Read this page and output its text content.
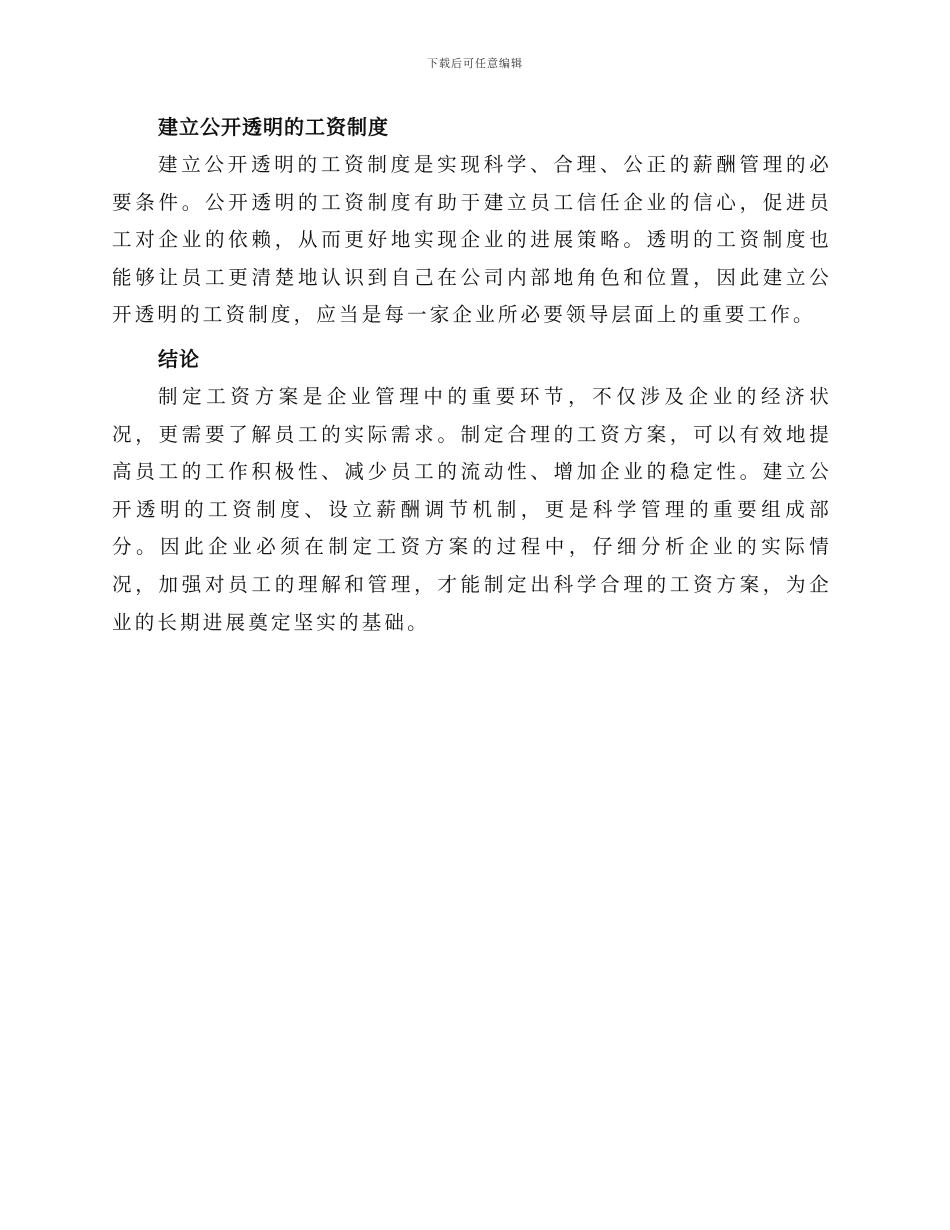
下载后可任意编辑
建立公开透明的工资制度

建立公开透明的工资制度是实现科学、合理、公正的薪酬管理的必要条件。公开透明的工资制度有助于建立员工信任企业的信心，促进员工对企业的依赖，从而更好地实现企业的进展策略。透明的工资制度也能够让员工更清楚地认识到自己在公司内部地角色和位置，因此建立公开透明的工资制度，应当是每一家企业所必要领导层面上的重要工作。

结论

制定工资方案是企业管理中的重要环节，不仅涉及企业的经济状况，更需要了解员工的实际需求。制定合理的工资方案，可以有效地提高员工的工作积极性、减少员工的流动性、增加企业的稳定性。建立公开透明的工资制度、设立薪酬调节机制，更是科学管理的重要组成部分。因此企业必须在制定工资方案的过程中，仔细分析企业的实际情况，加强对员工的理解和管理，才能制定出科学合理的工资方案，为企业的长期进展奠定坚实的基础。
